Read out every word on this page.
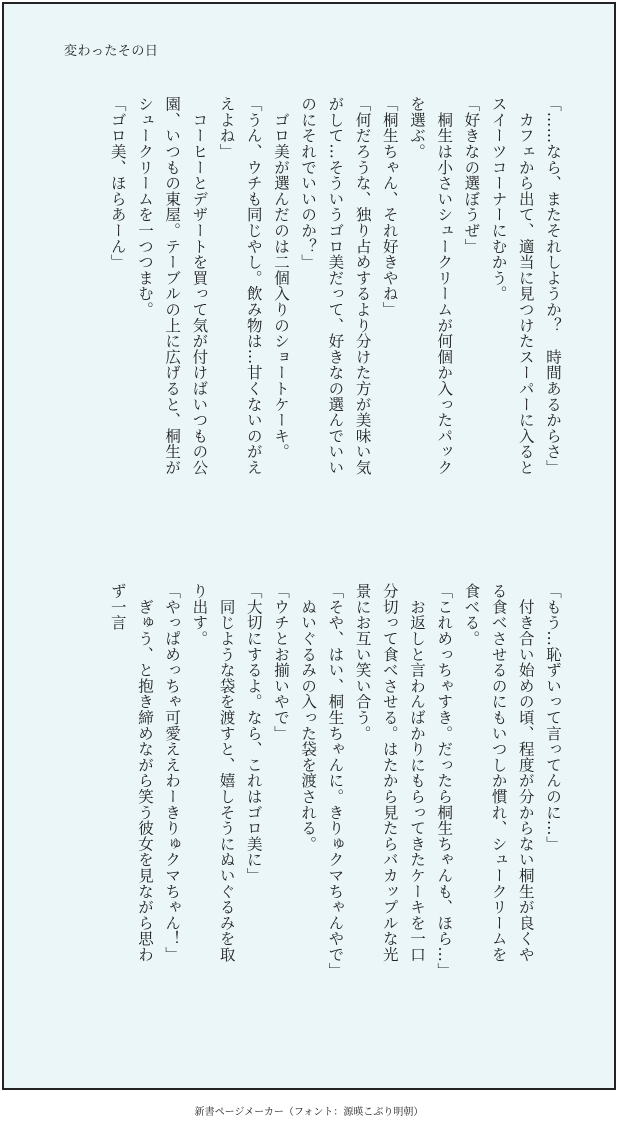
変わったその日
「……なら、またそれしようか？　時間あるからさ」
　カフェから出て、適当に見つけたスーパーに入ると
スイーツコーナーにむかう。
「好きなの選ぼうぜ」
　桐生は小さいシュークリームが何個か入ったパック
を選ぶ。
「桐生ちゃん、それ好きやね」
「何だろうな、独り占めするより分けた方が美味い気
がして…そういうゴロ美だって、好きなの選んでいい
のにそれでいいのか？」
　ゴロ美が選んだのは二個入りのショートケーキ。
「うん、ウチも同じやし。飲み物は…甘くないのがえ
えよね」
　コーヒーとデザートを買って気が付けばいつもの公
園、いつもの東屋。テーブルの上に広げると、桐生が
シュークリームを一つつまむ。
「ゴロ美、ほらあーん」
「もう…恥ずいって言ってんのに…」
　付き合い始めの頃、程度が分からない桐生が良くや
る食べさせるのにもいつしか慣れ、シュークリームを
食べる。
「これめっちゃすき。だったら桐生ちゃんも、ほら…」
　お返しと言わんばかりにもらってきたケーキを一口
分切って食べさせる。はたから見たらバカップルな光
景にお互い笑い合う。
「そや、はい、桐生ちゃんに。きりゅクマちゃんやで」
　ぬいぐるみの入った袋を渡される。
「ウチとお揃いやで」
「大切にするよ。なら、これはゴロ美に」
　同じような袋を渡すと、嬉しそうにぬいぐるみを取
り出す。
「やっぱめっちゃ可愛ええわーきりゅクマちゃん！」
　ぎゅう、と抱き締めながら笑う彼女を見ながら思わ
ず一言
新書ページメーカー（フォント：源暎こぶり明朝）
